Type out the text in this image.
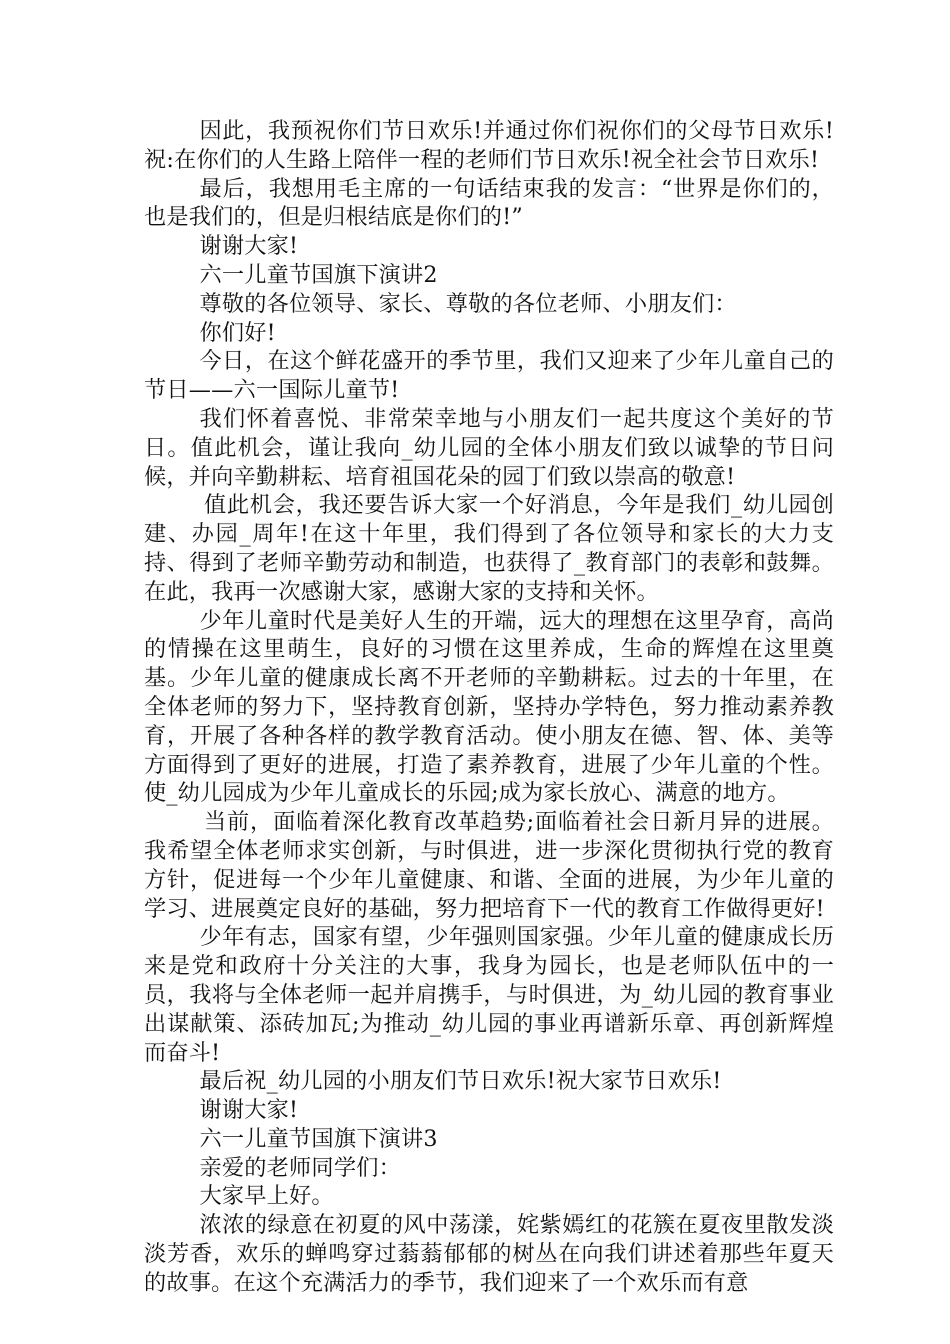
因此，我预祝你们节日欢乐!并通过你们祝你们的父母节日欢乐!祝:在你们的人生路上陪伴一程的老师们节日欢乐!祝全社会节日欢乐!

最后，我想用毛主席的一句话结束我的发言：“世界是你们的，也是我们的，但是归根结底是你们的!”

谢谢大家!

六一儿童节国旗下演讲2

尊敬的各位领导、家长、尊敬的各位老师、小朋友们：

你们好!

今日，在这个鲜花盛开的季节里，我们又迎来了少年儿童自己的节日——六一国际儿童节!

我们怀着喜悦、非常荣幸地与小朋友们一起共度这个美好的节日。值此机会，谨让我向_幼儿园的全体小朋友们致以诚挚的节日问候，并向辛勤耕耘、培育祖国花朵的园丁们致以崇高的敬意!

值此机会，我还要告诉大家一个好消息，今年是我们_幼儿园创建、办园_周年!在这十年里，我们得到了各位领导和家长的大力支持、得到了老师辛勤劳动和制造，也获得了_教育部门的表彰和鼓舞。在此，我再一次感谢大家，感谢大家的支持和关怀。

少年儿童时代是美好人生的开端，远大的理想在这里孕育，高尚的情操在这里萌生，良好的习惯在这里养成，生命的辉煌在这里奠基。少年儿童的健康成长离不开老师的辛勤耕耘。过去的十年里，在全体老师的努力下，坚持教育创新，坚持办学特色，努力推动素养教育，开展了各种各样的教学教育活动。使小朋友在德、智、体、美等方面得到了更好的进展，打造了素养教育，进展了少年儿童的个性。使_幼儿园成为少年儿童成长的乐园;成为家长放心、满意的地方。

当前，面临着深化教育改革趋势;面临着社会日新月异的进展。我希望全体老师求实创新，与时俱进，进一步深化贯彻执行党的教育方针，促进每一个少年儿童健康、和谐、全面的进展，为少年儿童的学习、进展奠定良好的基础，努力把培育下一代的教育工作做得更好!

少年有志，国家有望，少年强则国家强。少年儿童的健康成长历来是党和政府十分关注的大事，我身为园长，也是老师队伍中的一员，我将与全体老师一起并肩携手，与时俱进，为_幼儿园的教育事业出谋献策、添砖加瓦;为推动_幼儿园的事业再谱新乐章、再创新辉煌而奋斗!

最后祝_幼儿园的小朋友们节日欢乐!祝大家节日欢乐!

谢谢大家!

六一儿童节国旗下演讲3

亲爱的老师同学们：

大家早上好。

浓浓的绿意在初夏的风中荡漾，姹紫嫣红的花簇在夏夜里散发淡淡芳香，欢乐的蝉鸣穿过蓊蓊郁郁的树丛在向我们讲述着那些年夏天的故事。在这个充满活力的季节，我们迎来了一个欢乐而有意
